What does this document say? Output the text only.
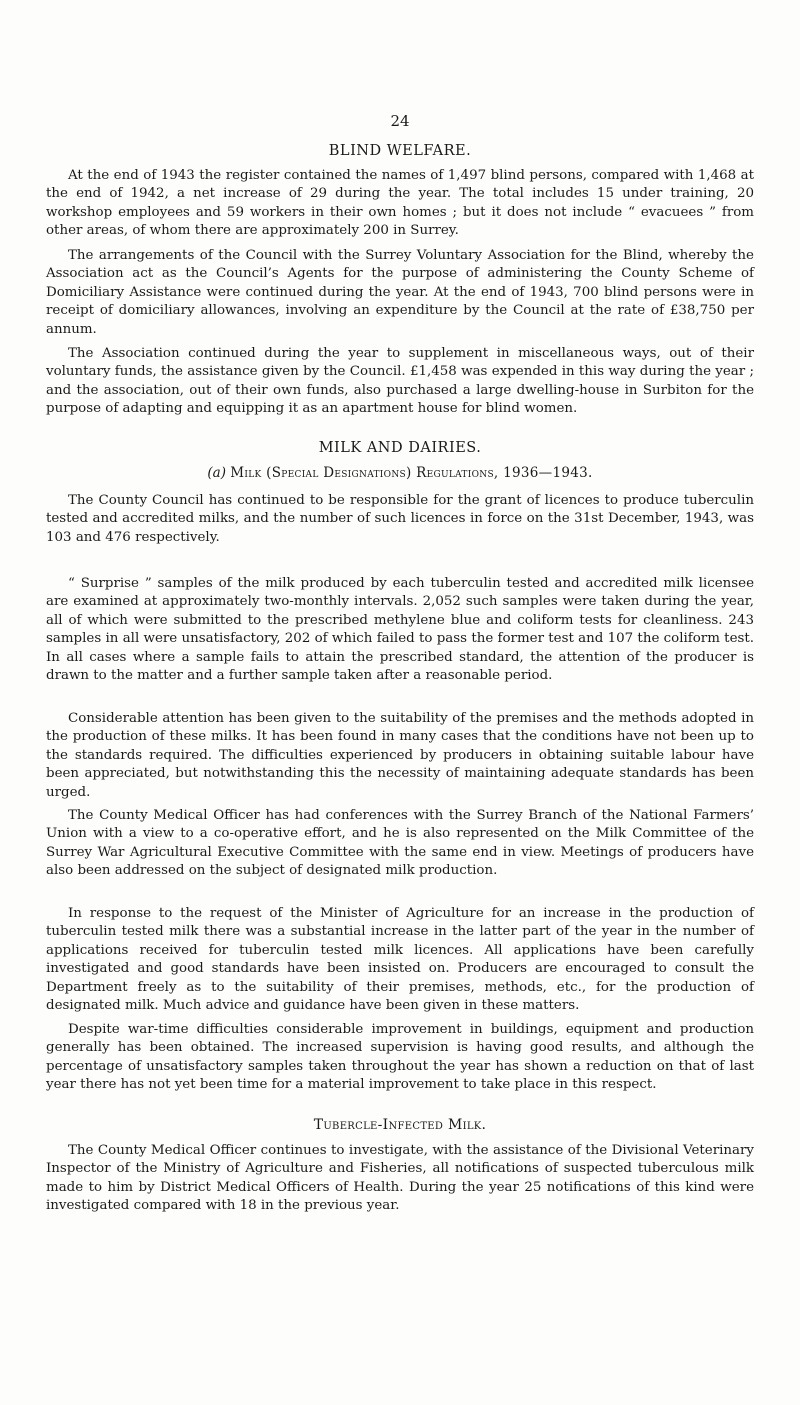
24
BLIND WELFARE.

At the end of 1943 the register contained the names of 1,497 blind persons, compared with 1,468 at the end of 1942, a net increase of 29 during the year. The total includes 15 under training, 20 workshop employees and 59 workers in their own homes ; but it does not include “ evacuees ” from other areas, of whom there are approximately 200 in Surrey.

The arrangements of the Council with the Surrey Voluntary Association for the Blind, whereby the Association act as the Council’s Agents for the purpose of administering the County Scheme of Domiciliary Assistance were continued during the year. At the end of 1943, 700 blind persons were in receipt of domiciliary allowances, involving an expenditure by the Council at the rate of £38,750 per annum.

The Association continued during the year to supplement in miscellaneous ways, out of their voluntary funds, the assistance given by the Council. £1,458 was expended in this way during the year ; and the association, out of their own funds, also purchased a large dwelling-house in Surbiton for the purpose of adapting and equipping it as an apartment house for blind women.

MILK AND DAIRIES.
(a) Milk (Special Designations) Regulations, 1936—1943.

The County Council has continued to be responsible for the grant of licences to produce tuberculin tested and accredited milks, and the number of such licences in force on the 31st December, 1943, was 103 and 476 respectively.

“ Surprise ” samples of the milk produced by each tuberculin tested and accredited milk licensee are examined at approximately two-monthly intervals. 2,052 such samples were taken during the year, all of which were submitted to the prescribed methylene blue and coliform tests for cleanliness. 243 samples in all were unsatisfactory, 202 of which failed to pass the former test and 107 the coliform test. In all cases where a sample fails to attain the prescribed standard, the attention of the producer is drawn to the matter and a further sample taken after a reasonable period.

Considerable attention has been given to the suitability of the premises and the methods adopted in the production of these milks. It has been found in many cases that the conditions have not been up to the standards required. The difficulties experienced by producers in obtaining suitable labour have been appreciated, but notwithstanding this the necessity of maintaining adequate standards has been urged.

The County Medical Officer has had conferences with the Surrey Branch of the National Farmers’ Union with a view to a co-operative effort, and he is also represented on the Milk Committee of the Surrey War Agricultural Executive Committee with the same end in view. Meetings of producers have also been addressed on the subject of designated milk production.

In response to the request of the Minister of Agriculture for an increase in the production of tuberculin tested milk there was a substantial increase in the latter part of the year in the number of applications received for tuberculin tested milk licences. All applications have been carefully investigated and good standards have been insisted on. Producers are encouraged to consult the Department freely as to the suitability of their premises, methods, etc., for the production of designated milk. Much advice and guidance have been given in these matters.

Despite war-time difficulties considerable improvement in buildings, equipment and production generally has been obtained. The increased supervision is having good results, and although the percentage of unsatisfactory samples taken throughout the year has shown a reduction on that of last year there has not yet been time for a material improvement to take place in this respect.

Tubercle-Infected Milk.

The County Medical Officer continues to investigate, with the assistance of the Divisional Veterinary Inspector of the Ministry of Agriculture and Fisheries, all notifications of suspected tuberculous milk made to him by District Medical Officers of Health. During the year 25 notifications of this kind were investigated compared with 18 in the previous year.
